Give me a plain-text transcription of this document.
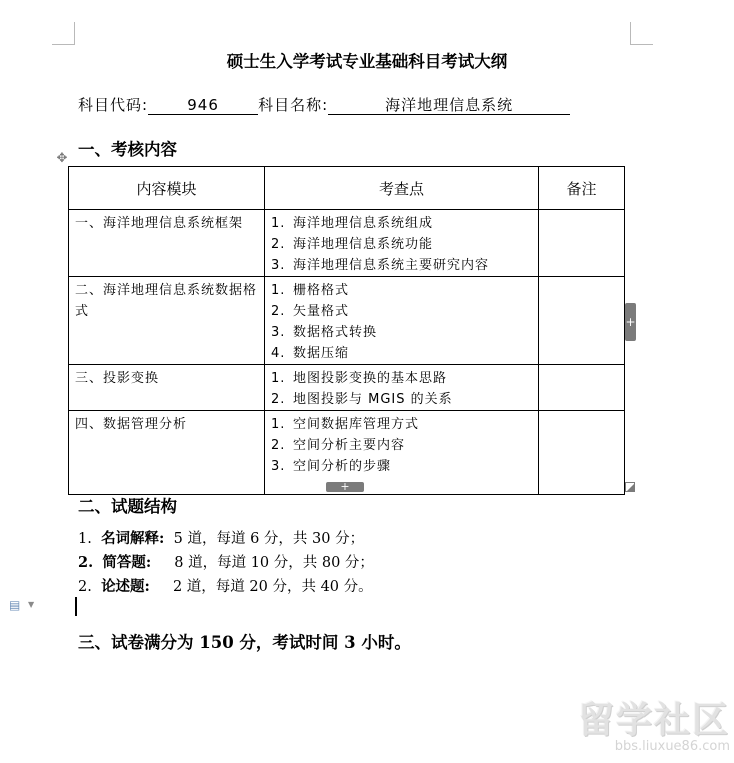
硕士生入学考试专业基础科目考试大纲
科目代码:	946	科目名称:	海洋地理信息系统
一、考核内容
✥
内容模块	考查点	备注
一、海洋地理信息系统框架	1. 海洋地理信息系统组成
2. 海洋地理信息系统功能
3. 海洋地理信息系统主要研究内容	

二、海洋地理信息系统数据格式	1. 栅格格式
2. 矢量格式
3. 数据格式转换
4. 数据压缩	

三、投影变换	1. 地图投影变换的基本思路
2. 地图投影与 MGIS 的关系	

四、数据管理分析	1. 空间数据库管理方式
2. 空间分析主要内容
3. 空间分析的步骤	

+
+
二、试题结构
1. 名词解释: 5 道，每道 6 分，共 30 分；
2. 简答题: 8 道，每道 10 分，共 80 分；
2. 论述题: 2 道，每道 20 分，共 40 分。
▤ ▼
三、试卷满分为 150 分，考试时间 3 小时。
留学社区
bbs.liuxue86.com
